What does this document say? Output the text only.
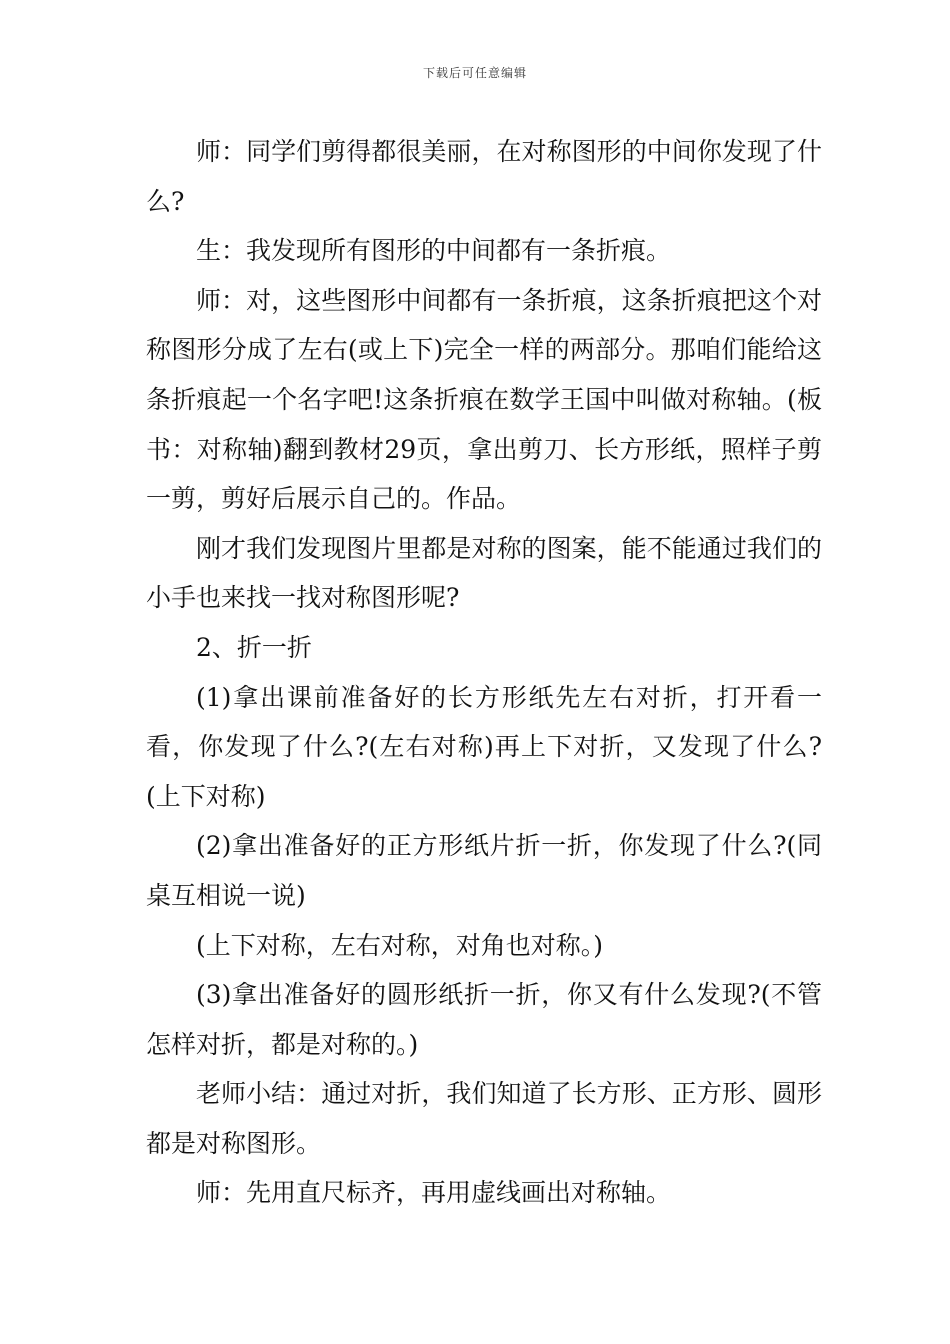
下载后可任意编辑

师：同学们剪得都很美丽，在对称图形的中间你发现了什么?

生：我发现所有图形的中间都有一条折痕。

师：对，这些图形中间都有一条折痕，这条折痕把这个对称图形分成了左右(或上下)完全一样的两部分。那咱们能给这条折痕起一个名字吧!这条折痕在数学王国中叫做对称轴。(板书：对称轴)翻到教材29页，拿出剪刀、长方形纸，照样子剪一剪，剪好后展示自己的。作品。

刚才我们发现图片里都是对称的图案，能不能通过我们的小手也来找一找对称图形呢?

2、折一折

(1)拿出课前准备好的长方形纸先左右对折，打开看一看，你发现了什么?(左右对称)再上下对折，又发现了什么?(上下对称)

(2)拿出准备好的正方形纸片折一折，你发现了什么?(同桌互相说一说)

(上下对称，左右对称，对角也对称。)

(3)拿出准备好的圆形纸折一折，你又有什么发现?(不管怎样对折，都是对称的。)

老师小结：通过对折，我们知道了长方形、正方形、圆形都是对称图形。

师：先用直尺标齐，再用虚线画出对称轴。
